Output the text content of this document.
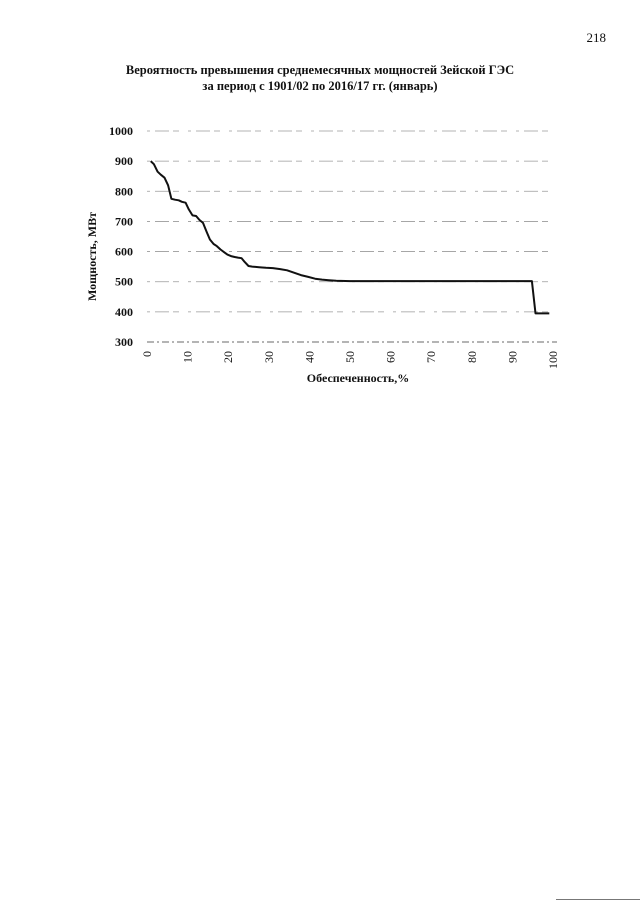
218
Вероятность превышения среднемесячных мощностей Зейской ГЭС
за период с 1901/02 по 2016/17 гг. (январь)
300
400
500
600
700
800
900
1000
0 10 20 30 40 50 60 70 80 90 100
Обеспеченность,%
Мощность, МВт
